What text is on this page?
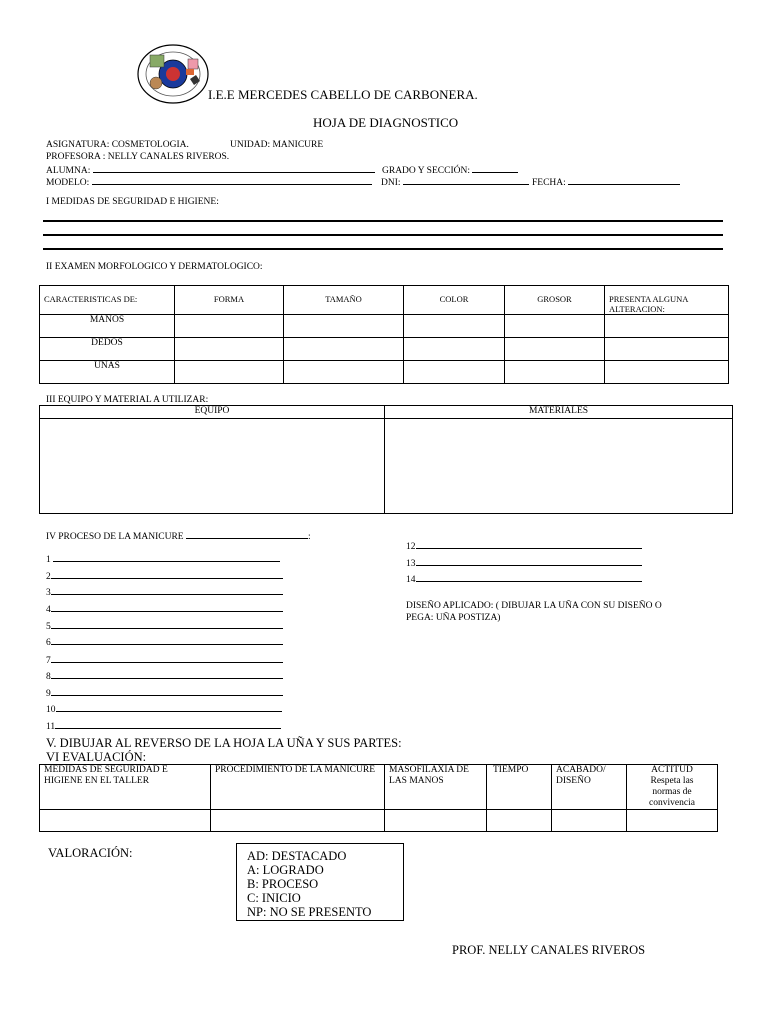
I.E.E MERCEDES CABELLO DE CARBONERA.
HOJA DE DIAGNOSTICO
ASIGNATURA: COSMETOLOGIA.	UNIDAD: MANICURE
PROFESORA : NELLY CANALES RIVEROS.
ALUMNA:	GRADO Y SECCIÓN:
MODELO:	DNI:	FECHA:
I MEDIDAS DE SEGURIDAD E HIGIENE:
II EXAMEN MORFOLOGICO Y DERMATOLOGICO:
CARACTERISTICAS DE:	FORMA	TAMAÑO	COLOR	GROSOR	PRESENTA ALGUNA ALTERACION:
MANOS					
DEDOS					
UNAS					
III EQUIPO Y MATERIAL A UTILIZAR:
EQUIPO	MATERIALES

IV PROCESO DE LA MANICURE	:
1
2
3
4
5
6
7
8
9
10
11
12
13
14
DISEÑO APLICADO: ( DIBUJAR LA UÑA CON SU DISEÑO O
PEGA: UÑA POSTIZA)
V. DIBUJAR AL REVERSO DE LA HOJA LA UÑA Y SUS PARTES:
VI EVALUACIÓN:
MEDIDAS DE SEGURIDAD E HIGIENE EN EL TALLER	PROCEDIMIENTO DE LA MANICURE	MASOFILAXIA DE LAS MANOS	TIEMPO	ACABADO/ DISEÑO	ACTITUD
Respeta las normas de convivencia

VALORACIÓN:	AD: DESTACADO
A: LOGRADO
B: PROCESO
C: INICIO
NP: NO SE PRESENTO
PROF. NELLY CANALES RIVEROS
